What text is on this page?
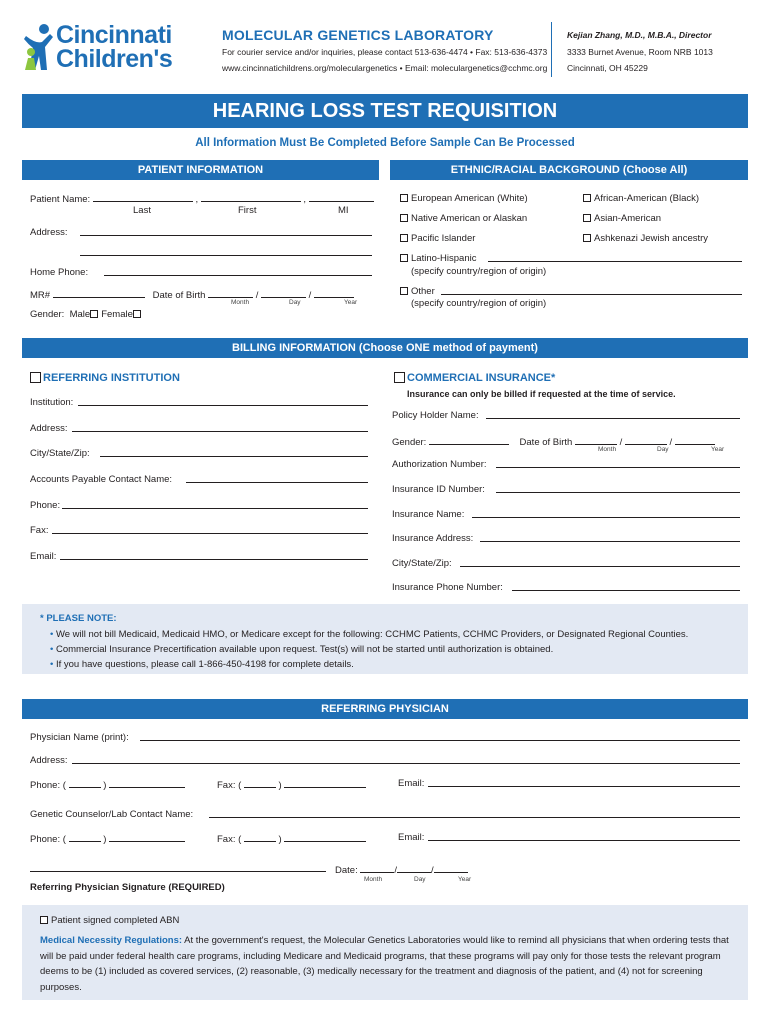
Cincinnati
Children's
MOLECULAR GENETICS LABORATORY
For courier service and/or inquiries, please contact 513-636-4474 • Fax: 513-636-4373
www.cincinnatichildrens.org/moleculargenetics • Email: moleculargenetics@cchmc.org
Kejian Zhang, M.D., M.B.A., Director
3333 Burnet Avenue, Room NRB 1013
Cincinnati, OH 45229
HEARING LOSS TEST REQUISITION
All Information Must Be Completed Before Sample Can Be Processed
PATIENT INFORMATION	ETHNIC/RACIAL BACKGROUND (Choose All)
Patient Name:	,	,
Last	First	MI
Address:
Home Phone:
MR#	Date of Birth	/	/
Month	Day	Year
Gender: Male Female
European American (White)	African-American (Black)
Native American or Alaskan	Asian-American
Pacific Islander	Ashkenazi Jewish ancestry
Latino-Hispanic
(specify country/region of origin)
Other
(specify country/region of origin)
BILLING INFORMATION (Choose ONE method of payment)
REFERRING INSTITUTION
Institution:
Address:
City/State/Zip:
Accounts Payable Contact Name:
Phone:
Fax:
Email:
COMMERCIAL INSURANCE*
Insurance can only be billed if requested at the time of service.
Policy Holder Name:
Gender:	Date of Birth	/	/
Month	Day	Year
Authorization Number:
Insurance ID Number:
Insurance Name:
Insurance Address:
City/State/Zip:
Insurance Phone Number:
* PLEASE NOTE:
• We will not bill Medicaid, Medicaid HMO, or Medicare except for the following: CCHMC Patients, CCHMC Providers, or Designated Regional Counties.
• Commercial Insurance Precertification available upon request. Test(s) will not be started until authorization is obtained.
• If you have questions, please call 1-866-450-4198 for complete details.
REFERRING PHYSICIAN
Physician Name (print):
Address:
Phone: (	)	Fax: (	)	Email:
Genetic Counselor/Lab Contact Name:
Phone: (	)	Fax: (	)	Email:
Date:	/	/
Month	Day	Year
Referring Physician Signature (REQUIRED)
Patient signed completed ABN
Medical Necessity Regulations: At the government's request, the Molecular Genetics Laboratories would like to remind all physicians that when ordering tests that will be paid under federal health care programs, including Medicare and Medicaid programs, that these programs will pay only for those tests the relevant program deems to be (1) included as covered services, (2) reasonable, (3) medically necessary for the treatment and diagnosis of the patient, and (4) not for screening purposes.
